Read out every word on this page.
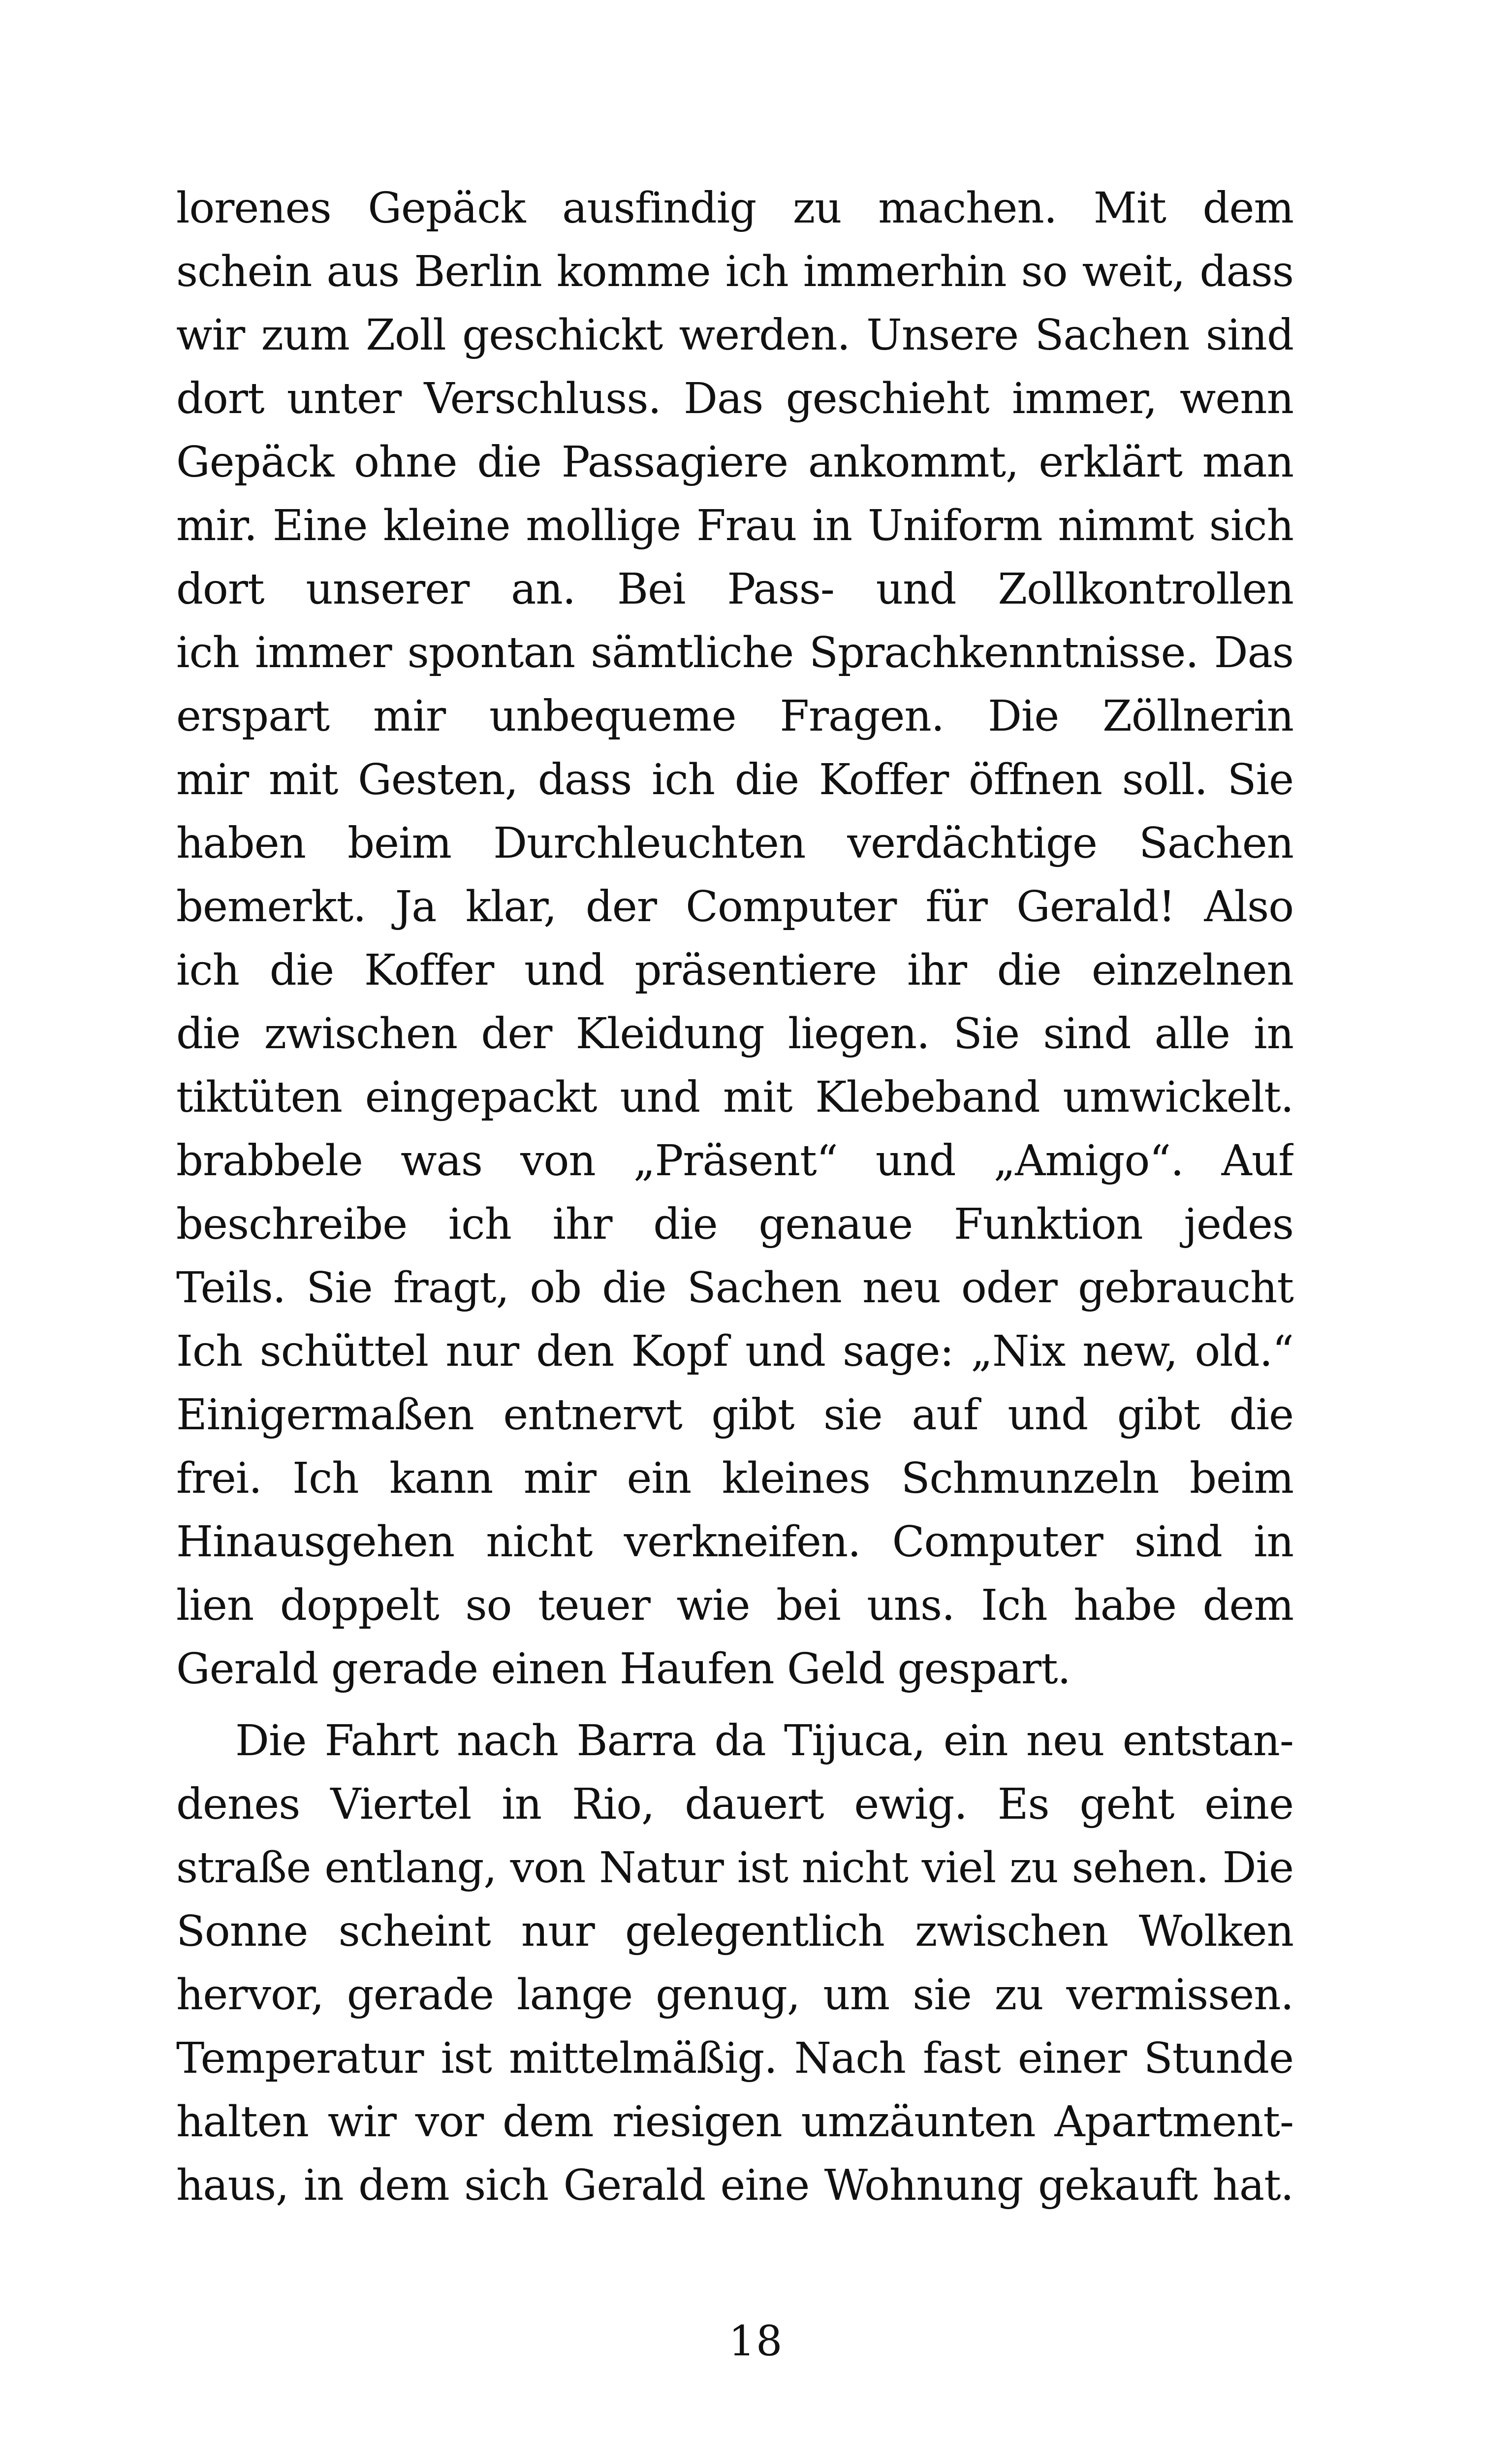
lorenes Gepäck ausfindig zu machen. Mit dem
schein aus Berlin komme ich immerhin so weit, dass
wir zum Zoll geschickt werden. Unsere Sachen sind
dort unter Verschluss. Das geschieht immer, wenn
Gepäck ohne die Passagiere ankommt, erklärt man
mir. Eine kleine mollige Frau in Uniform nimmt sich
dort unserer an. Bei Pass- und Zollkontrollen
ich immer spontan sämtliche Sprachkenntnisse. Das
erspart mir unbequeme Fragen. Die Zöllnerin
mir mit Gesten, dass ich die Koffer öffnen soll. Sie
haben beim Durchleuchten verdächtige Sachen
bemerkt. Ja klar, der Computer für Gerald! Also
ich die Koffer und präsentiere ihr die einzelnen
die zwischen der Kleidung liegen. Sie sind alle in
tiktüten eingepackt und mit Klebeband umwickelt.
brabbele was von „Präsent“ und „Amigo“. Auf
beschreibe ich ihr die genaue Funktion jedes
Teils. Sie fragt, ob die Sachen neu oder gebraucht
Ich schüttel nur den Kopf und sage: „Nix new, old.“
Einigermaßen entnervt gibt sie auf und gibt die
frei. Ich kann mir ein kleines Schmunzeln beim
Hinausgehen nicht verkneifen. Computer sind in
lien doppelt so teuer wie bei uns. Ich habe dem
Gerald gerade einen Haufen Geld gespart.
Die Fahrt nach Barra da Tijuca, ein neu entstan-
denes Viertel in Rio, dauert ewig. Es geht eine
straße entlang, von Natur ist nicht viel zu sehen. Die
Sonne scheint nur gelegentlich zwischen Wolken
hervor, gerade lange genug, um sie zu vermissen.
Temperatur ist mittelmäßig. Nach fast einer Stunde
halten wir vor dem riesigen umzäunten Apartment-
haus, in dem sich Gerald eine Wohnung gekauft hat.
18
